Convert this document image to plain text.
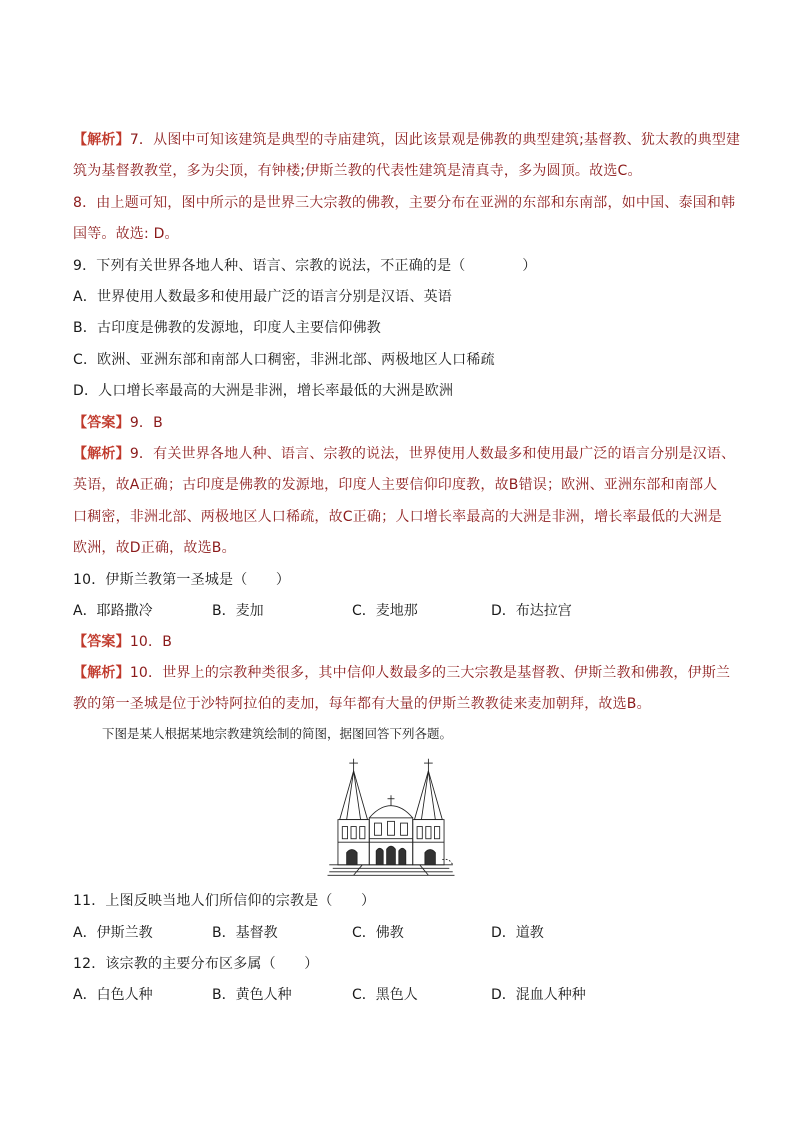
【解析】7．从图中可知该建筑是典型的寺庙建筑，因此该景观是佛教的典型建筑;基督教、犹太教的典型建
筑为基督教教堂，多为尖顶，有钟楼;伊斯兰教的代表性建筑是清真寺，多为圆顶。故选C。
8．由上题可知，图中所示的是世界三大宗教的佛教，主要分布在亚洲的东部和东南部，如中国、泰国和韩
国等。故选: D。
9．下列有关世界各地人种、语言、宗教的说法，不正确的是（　　　　）
A．世界使用人数最多和使用最广泛的语言分别是汉语、英语
B．古印度是佛教的发源地，印度人主要信仰佛教
C．欧洲、亚洲东部和南部人口稠密，非洲北部、两极地区人口稀疏
D．人口增长率最高的大洲是非洲，增长率最低的大洲是欧洲
【答案】9．B
【解析】9．有关世界各地人种、语言、宗教的说法，世界使用人数最多和使用最广泛的语言分别是汉语、
英语，故A正确；古印度是佛教的发源地，印度人主要信仰印度教，故B错误；欧洲、亚洲东部和南部人
口稠密，非洲北部、两极地区人口稀疏，故C正确；人口增长率最高的大洲是非洲，增长率最低的大洲是
欧洲，故D正确，故选B。
10．伊斯兰教第一圣城是（　　）
A．耶路撒冷	B．麦加	C．麦地那	D．布达拉宫
【答案】10．B
【解析】10．世界上的宗教种类很多，其中信仰人数最多的三大宗教是基督教、伊斯兰教和佛教，伊斯兰
下图是某人根据某地宗教建筑绘制的简图，据图回答下列各题。
11．上图反映当地人们所信仰的宗教是（　　）
A．伊斯兰教	B．基督教	C．佛教	D．道教
12．该宗教的主要分布区多属（　　）
A．白色人种	B．黄色人种	C．黑色人	D．混血人种种
教的第一圣城是位于沙特阿拉伯的麦加，每年都有大量的伊斯兰教教徒来麦加朝拜，故选B。
